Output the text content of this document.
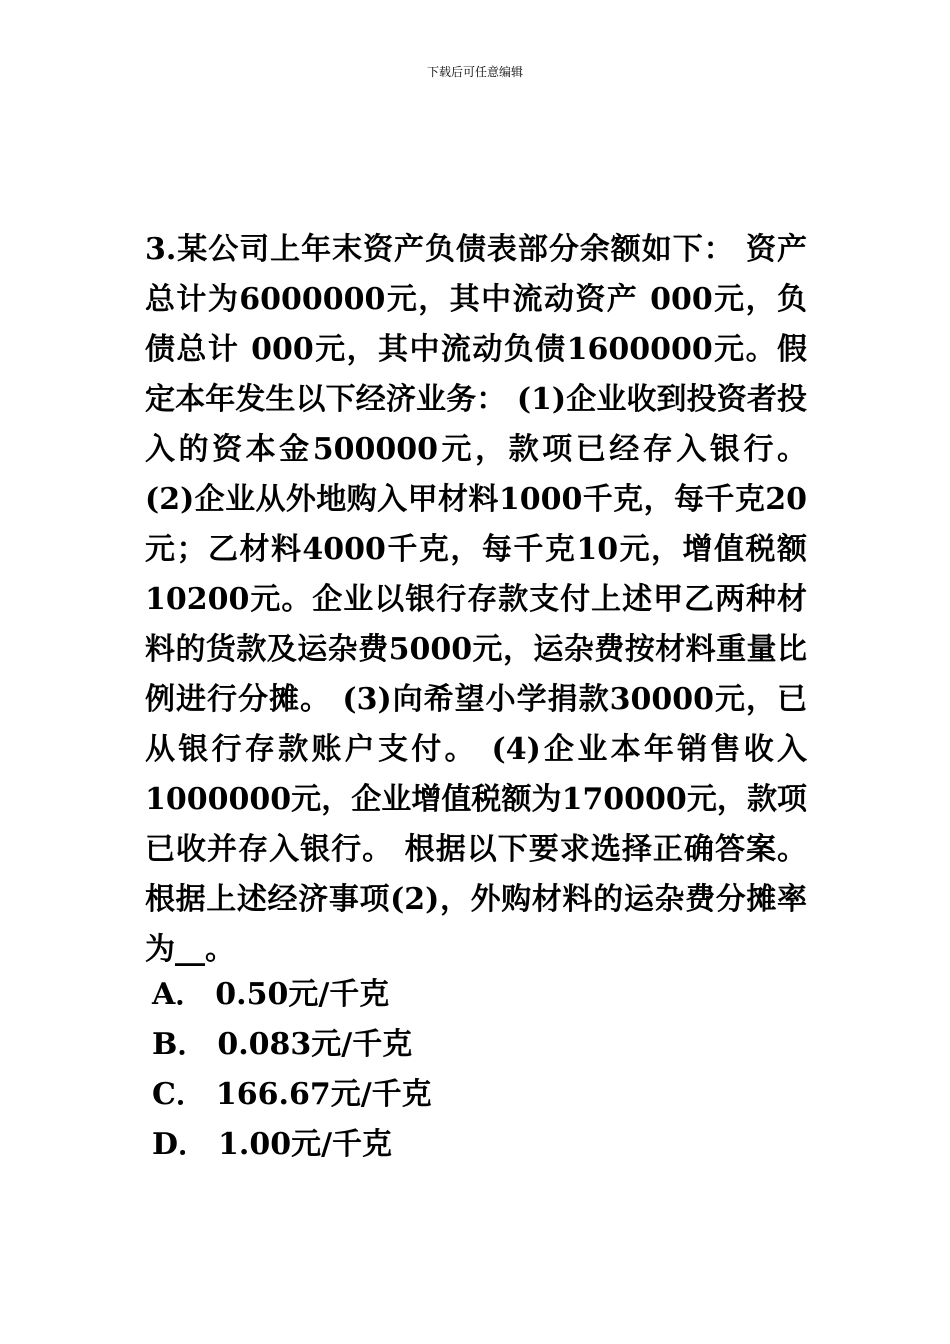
下载后可任意编辑

3.某公司上年末资产负债表部分余额如下： 资产总计为6000000元，其中流动资产 000元，负债总计 000元，其中流动负债1600000元。假定本年发生以下经济业务： (1)企业收到投资者投入的资本金500000元，款项已经存入银行。 (2)企业从外地购入甲材料1000千克，每千克20元；乙材料4000千克，每千克10元，增值税额10200元。企业以银行存款支付上述甲乙两种材料的货款及运杂费5000元，运杂费按材料重量比例进行分摊。 (3)向希望小学捐款30000元，已从银行存款账户支付。 (4)企业本年销售收入1000000元，企业增值税额为170000元，款项已收并存入银行。 根据以下要求选择正确答案。 根据上述经济事项(2)，外购材料的运杂费分摊率为__。

A． 0.50元/千克
B． 0.083元/千克
C． 166.67元/千克
D． 1.00元/千克
